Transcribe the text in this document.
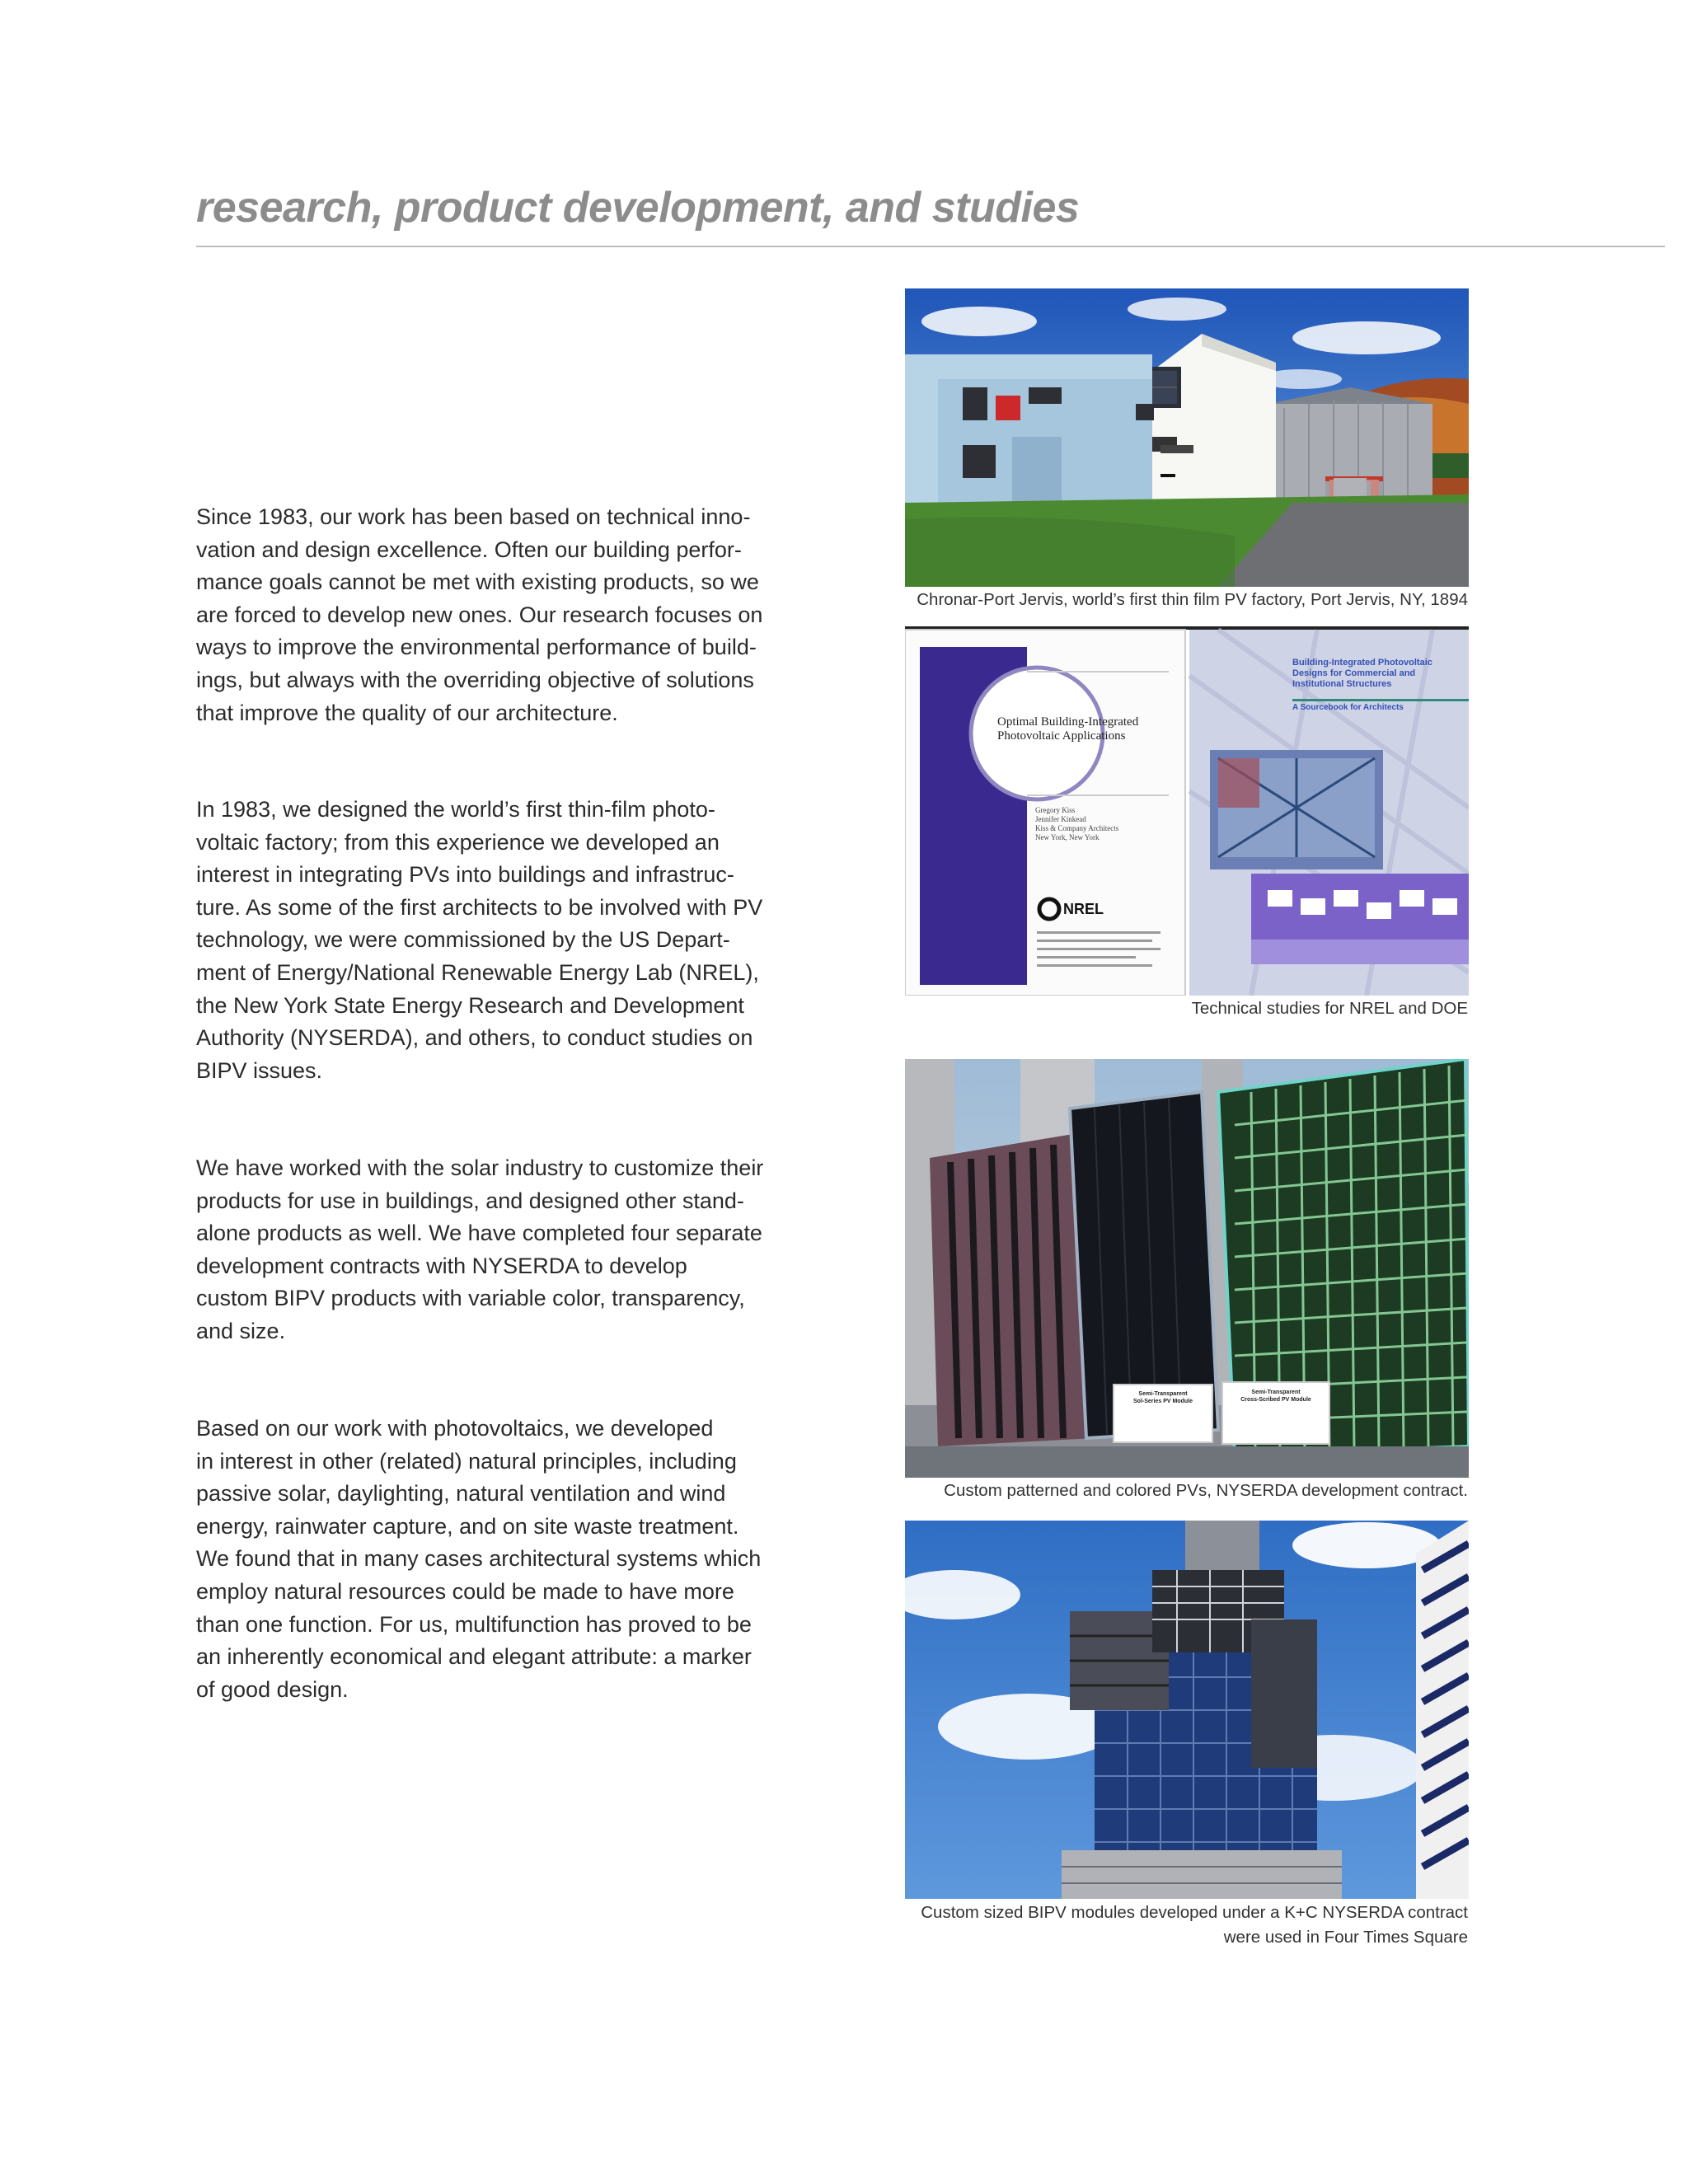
research, product development, and studies

Since 1983, our work has been based on technical inno-
vation and design excellence. Often our building perfor-
mance goals cannot be met with existing products, so we
are forced to develop new ones. Our research focuses on
ways to improve the environmental performance of build-
ings, but always with the overriding objective of solutions
that improve the quality of our architecture.

In 1983, we designed the world’s first thin-film photo-
voltaic factory; from this experience we developed an
interest in integrating PVs into buildings and infrastruc-
ture. As some of the first architects to be involved with PV
technology, we were commissioned by the US Depart-
ment of Energy/National Renewable Energy Lab (NREL),
the New York State Energy Research and Development
Authority (NYSERDA), and others, to conduct studies on
BIPV issues.

We have worked with the solar industry to customize their
products for use in buildings, and designed other stand-
alone products as well. We have completed four separate
development contracts with NYSERDA to develop
custom BIPV products with variable color, transparency,
and size.

Based on our work with photovoltaics, we developed
in interest in other (related) natural principles, including
passive solar, daylighting, natural ventilation and wind
energy, rainwater capture, and on site waste treatment.
We found that in many cases architectural systems which
employ natural resources could be made to have more
than one function. For us, multifunction has proved to be
an inherently economical and elegant attribute: a marker
of good design.

Chronar-Port Jervis, world’s first thin film PV factory, Port Jervis, NY, 1894
Optimal Building-Integrated
Photovoltaic Applications
Gregory Kiss
Jennifer Kinkead
Kiss & Company Architects
New York, New York
NREL
Building-Integrated Photovoltaic
Designs for Commercial and
Institutional Structures
A Sourcebook for Architects
Technical studies for NREL and DOE
Semi-Transparent
Sol-Series PV Module
Semi-Transparent
Cross-Scribed PV Module
Custom patterned and colored PVs, NYSERDA development contract.
Custom sized BIPV modules developed under a K+C NYSERDA contract
were used in Four Times Square
